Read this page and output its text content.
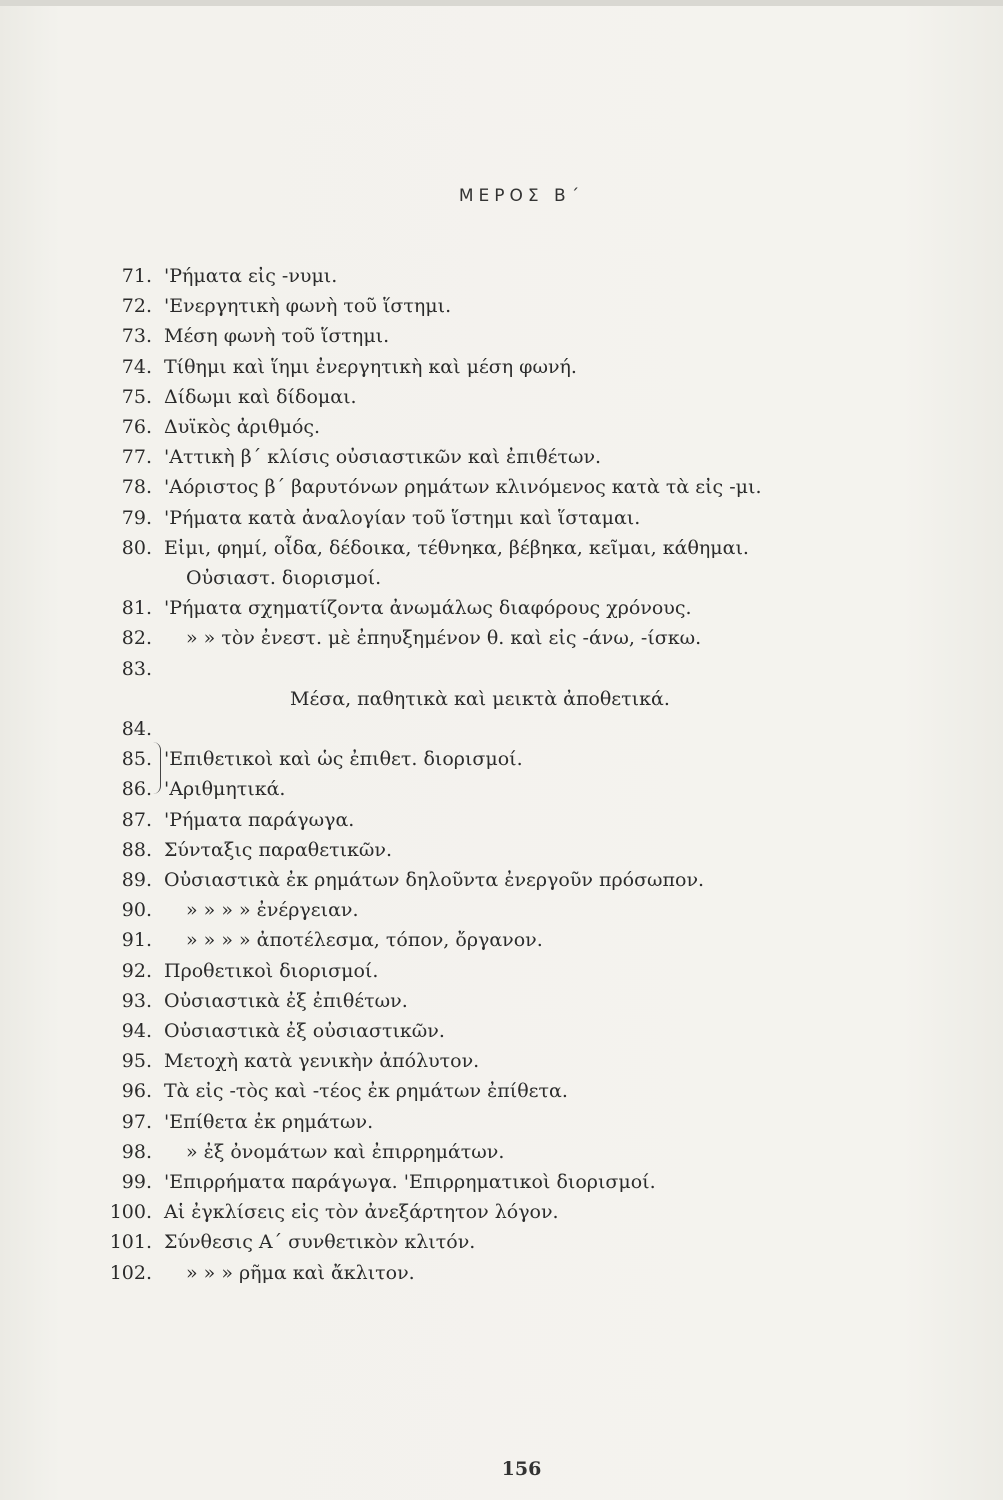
ΜΕΡΟΣ Β΄
71. 'Ρήματα εἰς -νυμι.
72. 'Ενεργητικὴ φωνὴ τοῦ ἵστημι.
73. Μέση φωνὴ τοῦ ἵστημι.
74. Τίθημι καὶ ἵημι ἐνεργητικὴ καὶ μέση φωνή.
75. Δίδωμι καὶ δίδομαι.
76. Δυϊκὸς ἀριθμός.
77. 'Αττικὴ β΄ κλίσις οὐσιαστικῶν καὶ ἐπιθέτων.
78. 'Αόριστος β΄ βαρυτόνων ρημάτων κλινόμενος κατὰ τὰ εἰς -μι.
79. 'Ρήματα κατὰ ἀναλογίαν τοῦ ἵστημι καὶ ἵσταμαι.
80. Εἰμι, φημί, οἶδα, δέδοικα, τέθνηκα, βέβηκα, κεῖμαι, κάθημαι.
Οὐσιαστ. διορισμοί.
81. 'Ρήματα σχηματίζοντα ἀνωμάλως διαφόρους χρόνους.
82. » » τὸν ἐνεστ. μὲ ἐπηυξημένον θ. καὶ εἰς -άνω, -ίσκω.
83.
Μέσα, παθητικὰ καὶ μεικτὰ ἀποθετικά.
84.
85. 'Επιθετικοὶ καὶ ὡς ἐπιθετ. διορισμοί.
86. 'Αριθμητικά.
87. 'Ρήματα παράγωγα.
88. Σύνταξις παραθετικῶν.
89. Οὐσιαστικὰ ἐκ ρημάτων δηλοῦντα ἐνεργοῦν πρόσωπον.
90. » » » » ἐνέργειαν.
91. » » » » ἀποτέλεσμα, τόπον, ὄργανον.
92. Προθετικοὶ διορισμοί.
93. Οὐσιαστικὰ ἐξ ἐπιθέτων.
94. Οὐσιαστικὰ ἐξ οὐσιαστικῶν.
95. Μετοχὴ κατὰ γενικὴν ἀπόλυτον.
96. Τὰ εἰς -τὸς καὶ -τέος ἐκ ρημάτων ἐπίθετα.
97. 'Επίθετα ἐκ ρημάτων.
98. » ἐξ ὀνομάτων καὶ ἐπιρρημάτων.
99. 'Επιρρήματα παράγωγα. 'Επιρρηματικοὶ διορισμοί.
100. Αἱ ἐγκλίσεις εἰς τὸν ἀνεξάρτητον λόγον.
101. Σύνθεσις Α΄ συνθετικὸν κλιτόν.
102. » » » ρῆμα καὶ ἄκλιτον.
156
